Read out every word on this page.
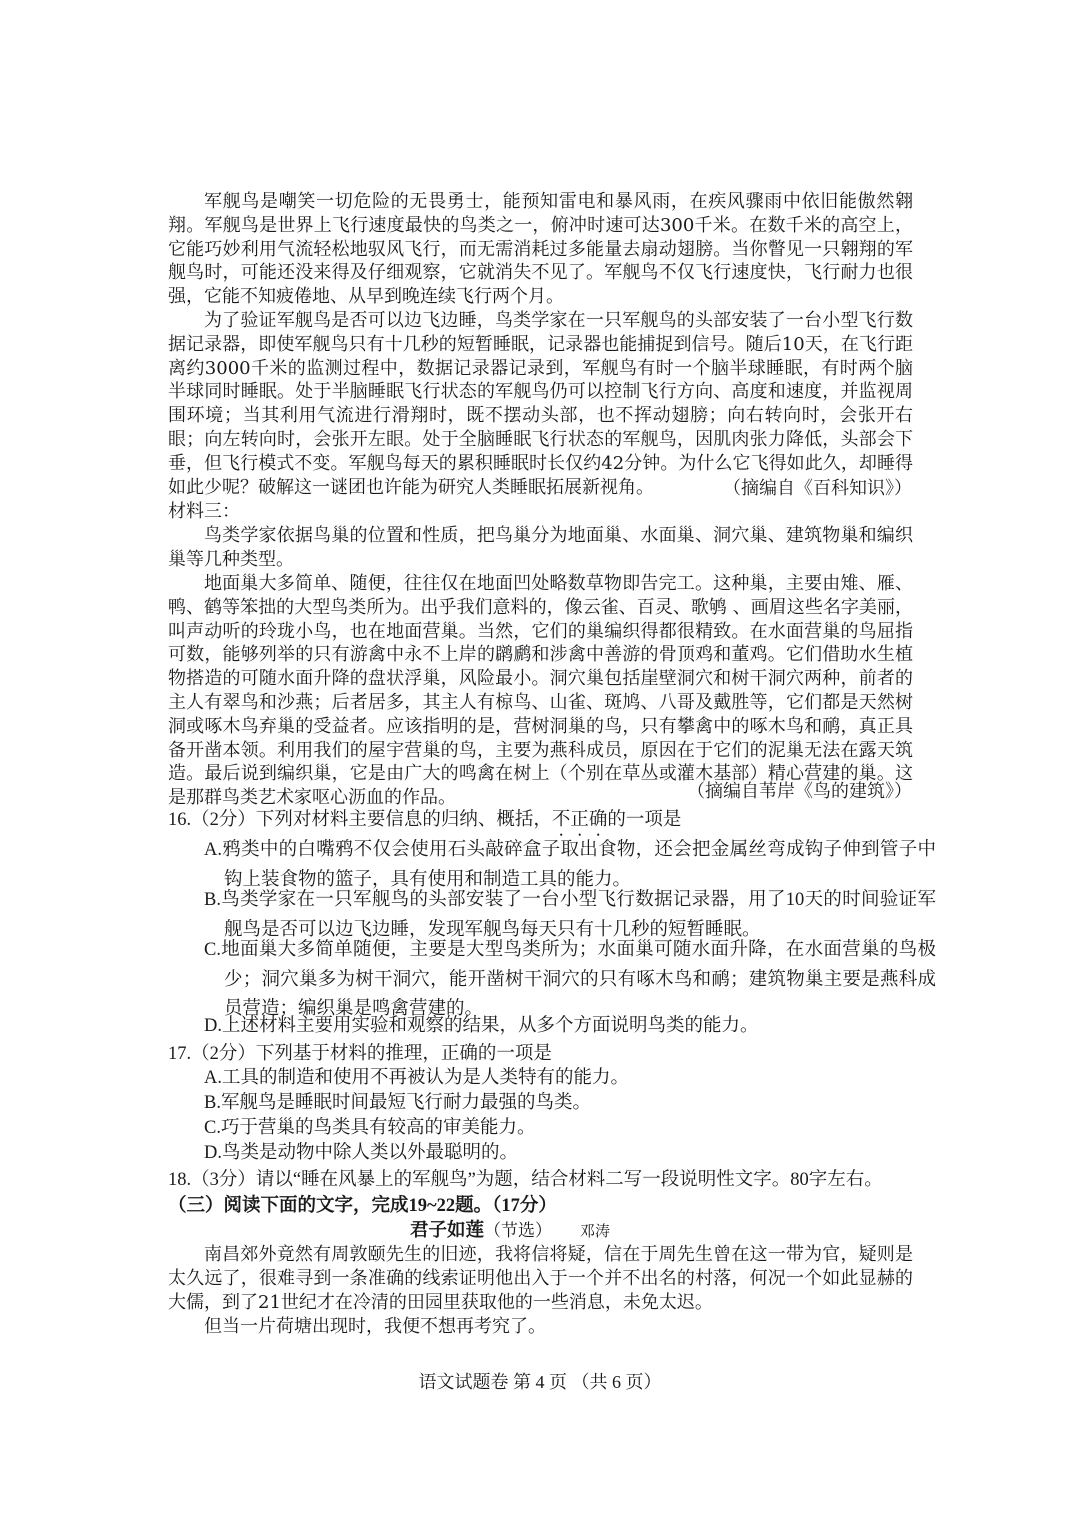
军舰鸟是嘲笑一切危险的无畏勇士，能预知雷电和暴风雨，在疾风骤雨中依旧能傲然翱翔。军舰鸟是世界上飞行速度最快的鸟类之一，俯冲时速可达300千米。在数千米的高空上，它能巧妙利用气流轻松地驭风飞行，而无需消耗过多能量去扇动翅膀。当你瞥见一只翱翔的军舰鸟时，可能还没来得及仔细观察，它就消失不见了。军舰鸟不仅飞行速度快，飞行耐力也很强，它能不知疲倦地、从早到晚连续飞行两个月。

为了验证军舰鸟是否可以边飞边睡，鸟类学家在一只军舰鸟的头部安装了一台小型飞行数据记录器，即使军舰鸟只有十几秒的短暂睡眠，记录器也能捕捉到信号。随后10天，在飞行距离约3000千米的监测过程中，数据记录器记录到，军舰鸟有时一个脑半球睡眠，有时两个脑半球同时睡眠。处于半脑睡眠飞行状态的军舰鸟仍可以控制飞行方向、高度和速度，并监视周围环境；当其利用气流进行滑翔时，既不摆动头部，也不挥动翅膀；向右转向时，会张开右眼；向左转向时，会张开左眼。处于全脑睡眠飞行状态的军舰鸟，因肌肉张力降低，头部会下垂，但飞行模式不变。军舰鸟每天的累积睡眠时长仅约42分钟。为什么它飞得如此久，却睡得如此少呢？破解这一谜团也许能为研究人类睡眠拓展新视角。	（摘编自《百科知识》）

材料三：

鸟类学家依据鸟巢的位置和性质，把鸟巢分为地面巢、水面巢、洞穴巢、建筑物巢和编织巢等几种类型。

地面巢大多简单、随便，往往仅在地面凹处略数草物即告完工。这种巢，主要由雉、雁、鸭、鹤等笨拙的大型鸟类所为。出乎我们意料的，像云雀、百灵、歌鸲 、画眉这些名字美丽，叫声动听的玲珑小鸟，也在地面营巢。当然，它们的巢编织得都很精致。在水面营巢的鸟屈指可数，能够列举的只有游禽中永不上岸的䴙䴘和涉禽中善游的骨顶鸡和董鸡。它们借助水生植物搭造的可随水面升降的盘状浮巢，风险最小。洞穴巢包括崖壁洞穴和树干洞穴两种，前者的主人有翠鸟和沙燕；后者居多，其主人有椋鸟、山雀、斑鸠、八哥及戴胜等，它们都是天然树洞或啄木鸟弃巢的受益者。应该指明的是，营树洞巢的鸟，只有攀禽中的啄木鸟和鸸，真正具备开凿本领。利用我们的屋宇营巢的鸟，主要为燕科成员，原因在于它们的泥巢无法在露天筑造。最后说到编织巢，它是由广大的鸣禽在树上（个别在草丛或灌木基部）精心营建的巢。这是那群鸟类艺术家呕心沥血的作品。	（摘编自苇岸《鸟的建筑》）

16.（2分）下列对材料主要信息的归纳、概括，不正确的一项是

A.鸦类中的白嘴鸦不仅会使用石头敲碎盒子取出食物，还会把金属丝弯成钩子伸到管子中钩上装食物的篮子，具有使用和制造工具的能力。

B.鸟类学家在一只军舰鸟的头部安装了一台小型飞行数据记录器，用了10天的时间验证军舰鸟是否可以边飞边睡，发现军舰鸟每天只有十几秒的短暂睡眠。

C.地面巢大多简单随便，主要是大型鸟类所为；水面巢可随水面升降，在水面营巢的鸟极少；洞穴巢多为树干洞穴，能开凿树干洞穴的只有啄木鸟和鸸；建筑物巢主要是燕科成员营造；编织巢是鸣禽营建的。

D.上述材料主要用实验和观察的结果，从多个方面说明鸟类的能力。

17.（2分）下列基于材料的推理，正确的一项是

A.工具的制造和使用不再被认为是人类特有的能力。

B.军舰鸟是睡眠时间最短飞行耐力最强的鸟类。

C.巧于营巢的鸟类具有较高的审美能力。

D.鸟类是动物中除人类以外最聪明的。

18.（3分）请以“睡在风暴上的军舰鸟”为题，结合材料二写一段说明性文字。80字左右。

（三）阅读下面的文字，完成19~22题。（17分）

君子如莲（节选） 邓涛

南昌郊外竟然有周敦颐先生的旧迹，我将信将疑，信在于周先生曾在这一带为官，疑则是太久远了，很难寻到一条准确的线索证明他出入于一个并不出名的村落，何况一个如此显赫的大儒，到了21世纪才在冷清的田园里获取他的一些消息，未免太迟。

但当一片荷塘出现时，我便不想再考究了。

语文试题卷 第 4 页 （共 6 页）
